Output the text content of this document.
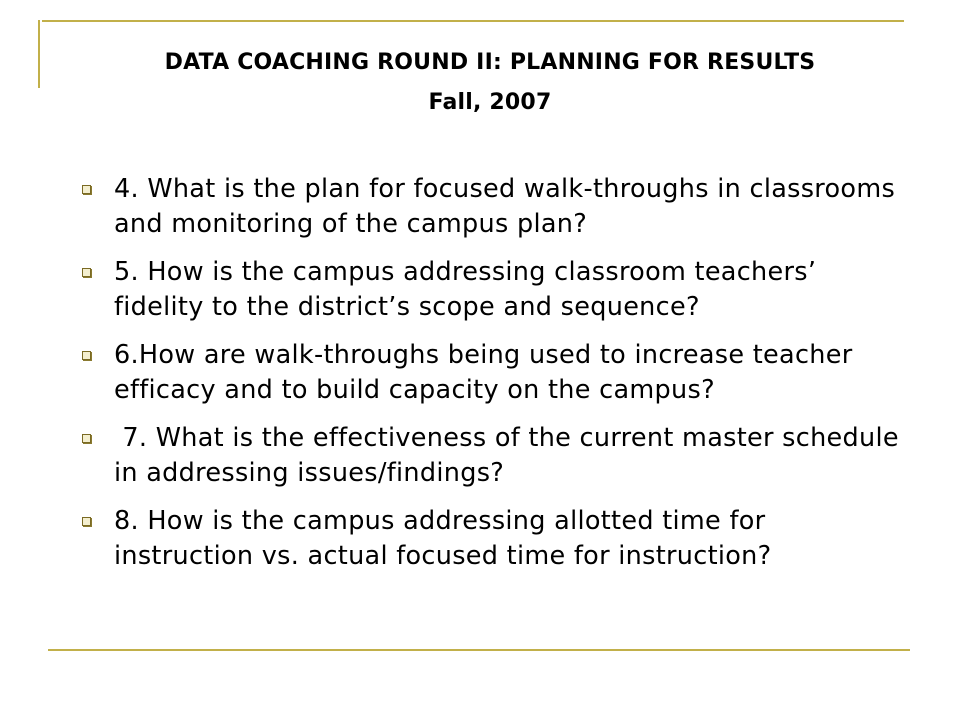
DATA COACHING ROUND II: PLANNING FOR RESULTS
Fall, 2007
4. What is the plan for focused walk-throughs in classrooms and monitoring of the campus plan?
5. How is the campus addressing classroom teachers’ fidelity to the district’s scope and sequence?
6.How are walk-throughs being used to increase teacher efficacy and to build capacity on the campus?
7. What is the effectiveness of the current master schedule in addressing issues/findings?
8. How is the campus addressing allotted time for instruction vs. actual focused time for instruction?
